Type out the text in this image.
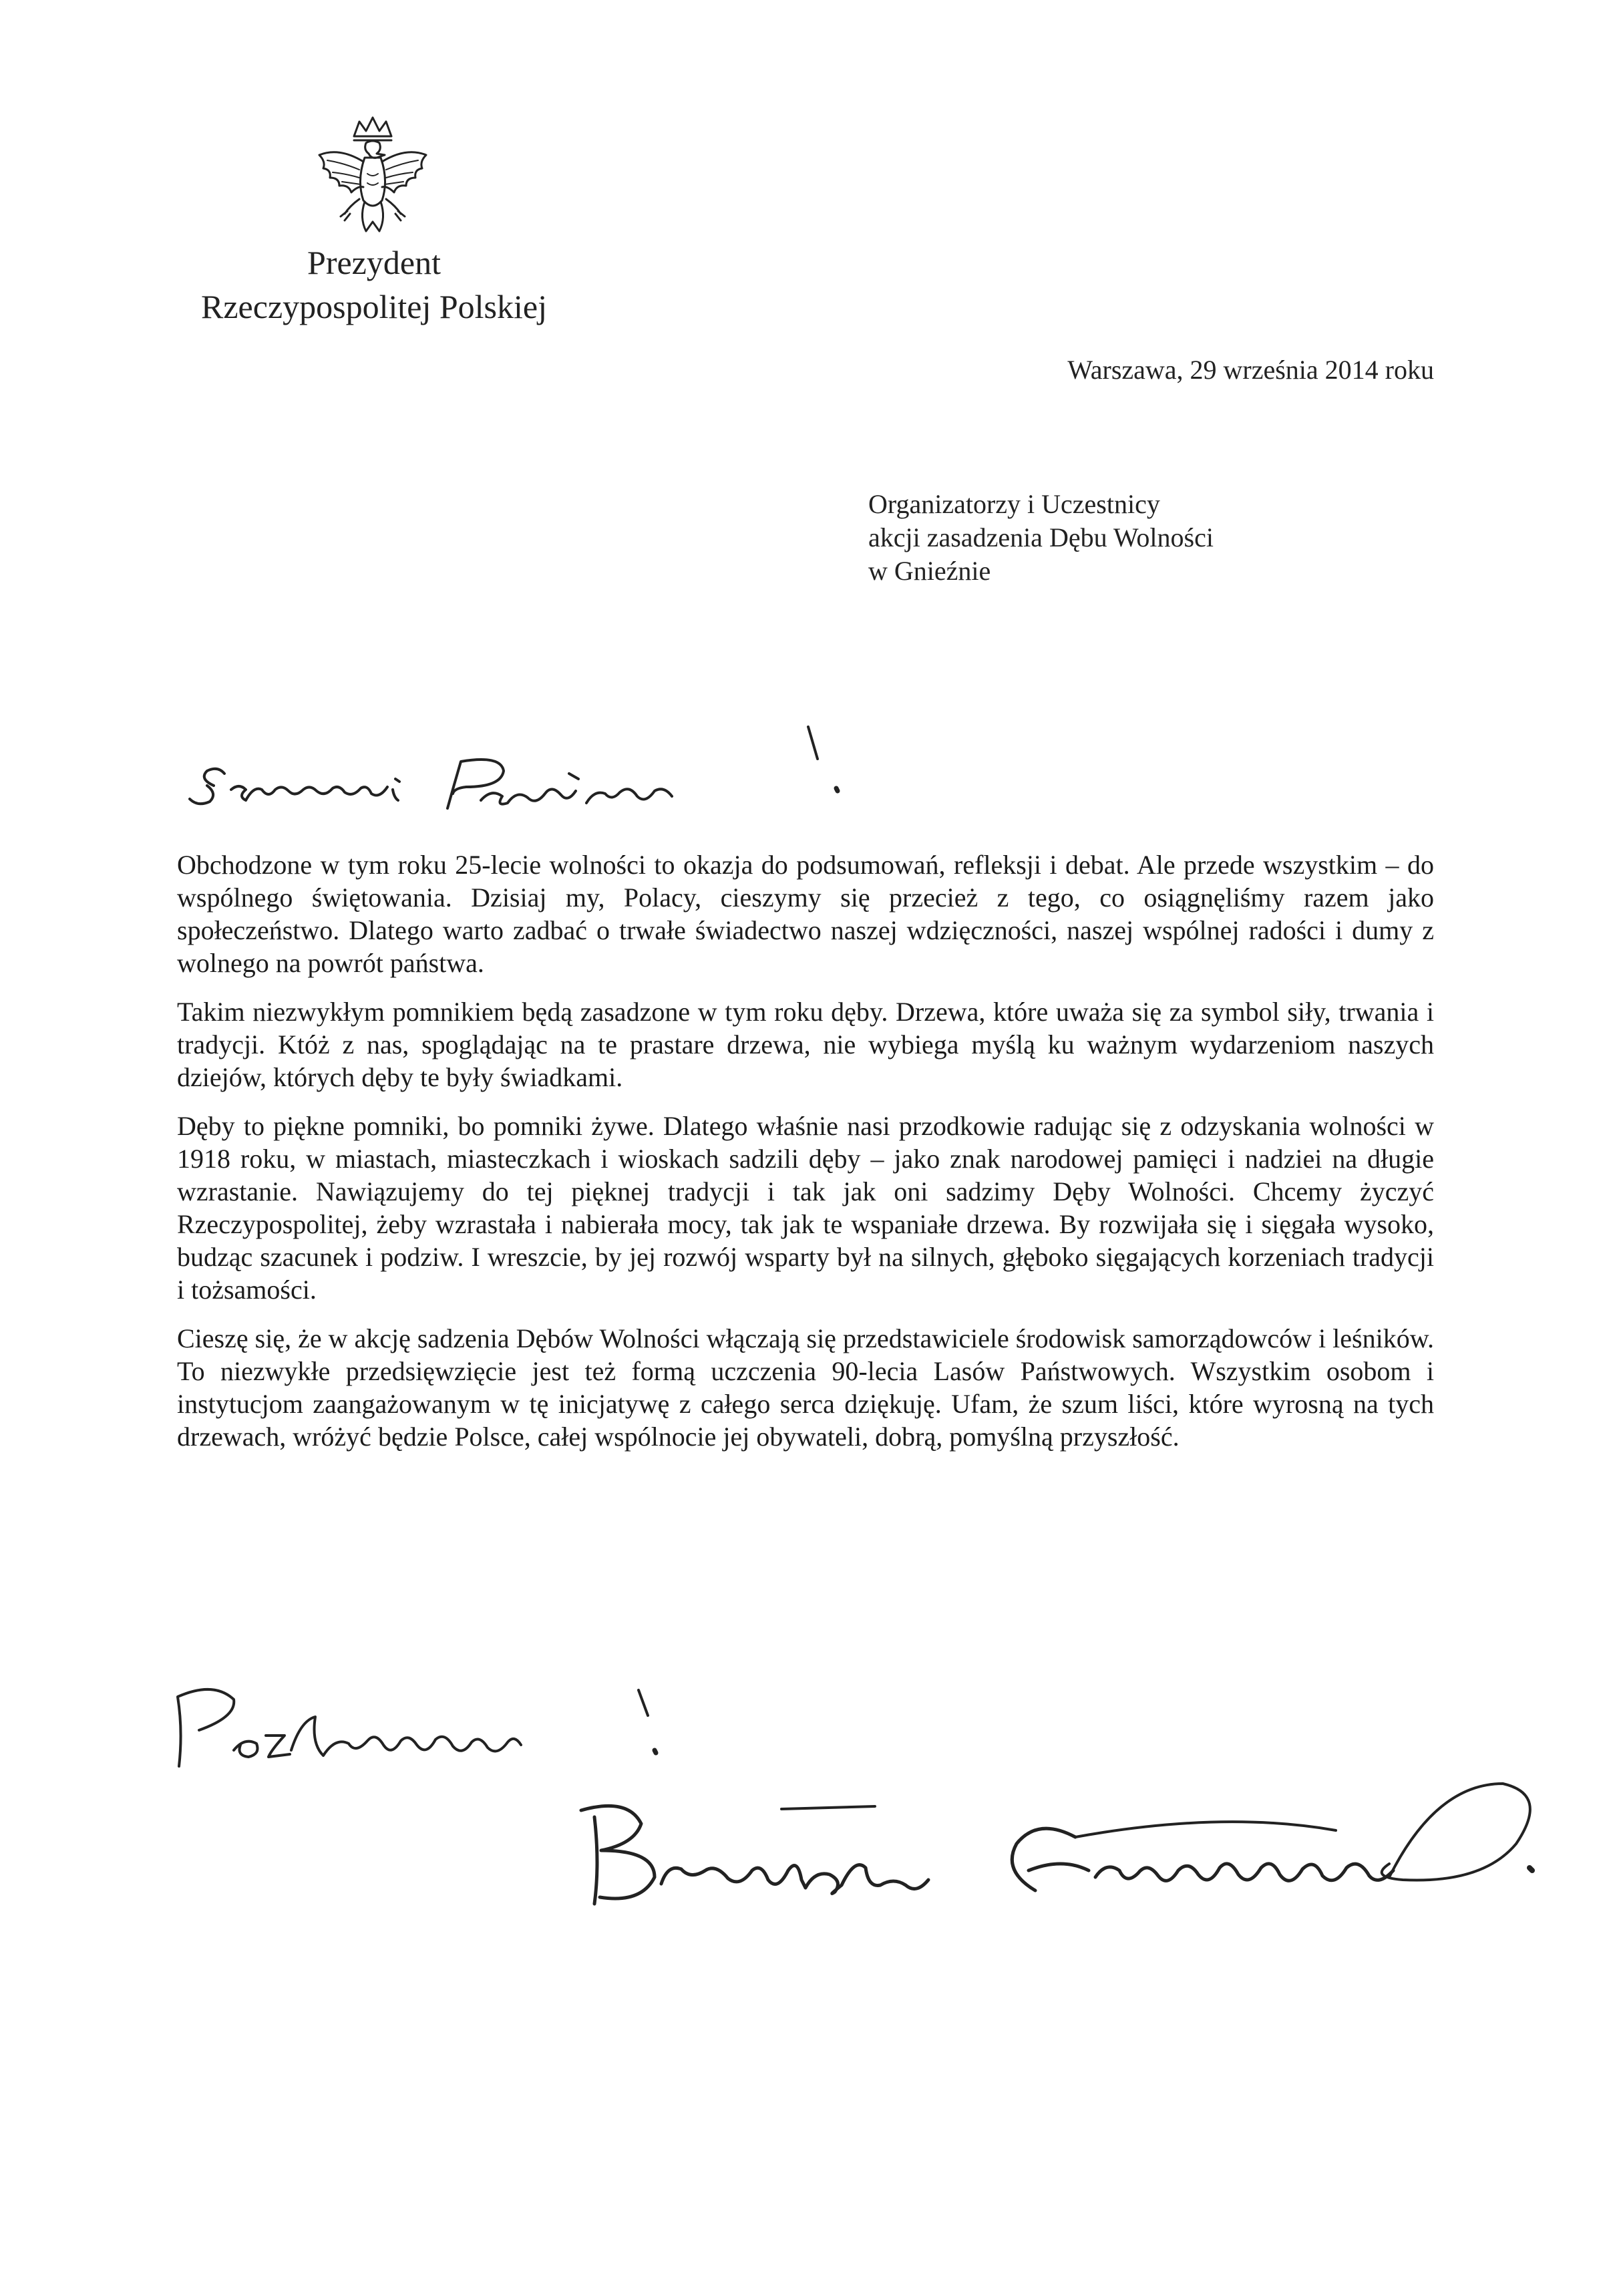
Prezydent
Rzeczypospolitej Polskiej
Warszawa, 29 września 2014 roku
Organizatorzy i Uczestnicy
akcji zasadzenia Dębu Wolności
w Gnieźnie

Obchodzone w tym roku 25-lecie wolności to okazja do podsumowań, refleksji i debat. Ale przede wszystkim – do wspólnego świętowania. Dzisiaj my, Polacy, cieszymy się przecież z tego, co osiągnęliśmy razem jako społeczeństwo. Dlatego warto zadbać o trwałe świadectwo naszej wdzięczności, naszej wspólnej radości i dumy z wolnego na powrót państwa.

Takim niezwykłym pomnikiem będą zasadzone w tym roku dęby. Drzewa, które uważa się za symbol siły, trwania i tradycji. Któż z nas, spoglądając na te prastare drzewa, nie wybiega myślą ku ważnym wydarzeniom naszych dziejów, których dęby te były świadkami.

Dęby to piękne pomniki, bo pomniki żywe. Dlatego właśnie nasi przodkowie radując się z odzyskania wolności w 1918 roku, w miastach, miasteczkach i wioskach sadzili dęby – jako znak narodowej pamięci i nadziei na długie wzrastanie. Nawiązujemy do tej pięknej tradycji i tak jak oni sadzimy Dęby Wolności. Chcemy życzyć Rzeczypospolitej, żeby wzrastała i nabierała mocy, tak jak te wspaniałe drzewa. By rozwijała się i sięgała wysoko, budząc szacunek i podziw. I wreszcie, by jej rozwój wsparty był na silnych, głęboko sięgających korzeniach tradycji i tożsamości.

Cieszę się, że w akcję sadzenia Dębów Wolności włączają się przedstawiciele środowisk samorządowców i leśników. To niezwykłe przedsięwzięcie jest też formą uczczenia 90-lecia Lasów Państwowych. Wszystkim osobom i instytucjom zaangażowanym w tę inicjatywę z całego serca dziękuję. Ufam, że szum liści, które wyrosną na tych drzewach, wróżyć będzie Polsce, całej wspólnocie jej obywateli, dobrą, pomyślną przyszłość.
